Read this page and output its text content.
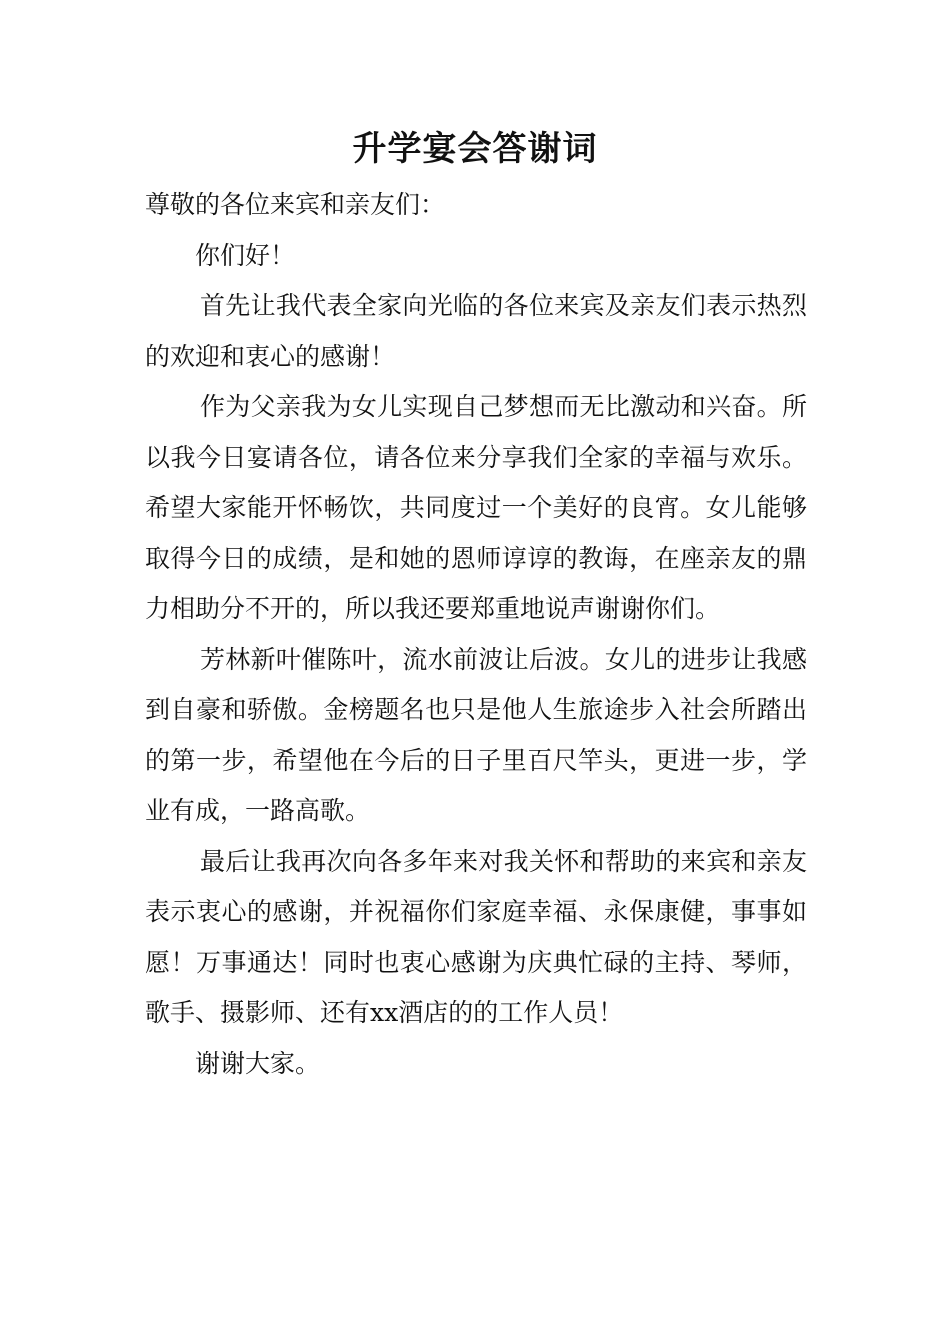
升学宴会答谢词

尊敬的各位来宾和亲友们：

你们好！

首先让我代表全家向光临的各位来宾及亲友们表示热烈的欢迎和衷心的感谢！

作为父亲我为女儿实现自己梦想而无比激动和兴奋。所以我今日宴请各位，请各位来分享我们全家的幸福与欢乐。希望大家能开怀畅饮，共同度过一个美好的良宵。女儿能够取得今日的成绩，是和她的恩师谆谆的教诲，在座亲友的鼎力相助分不开的，所以我还要郑重地说声谢谢你们。

芳林新叶催陈叶，流水前波让后波。女儿的进步让我感到自豪和骄傲。金榜题名也只是他人生旅途步入社会所踏出的第一步，希望他在今后的日子里百尺竿头，更进一步，学业有成，一路高歌。

最后让我再次向各多年来对我关怀和帮助的来宾和亲友表示衷心的感谢，并祝福你们家庭幸福、永保康健，事事如愿！万事通达！同时也衷心感谢为庆典忙碌的主持、琴师，歌手、摄影师、还有xx酒店的的工作人员！

谢谢大家。
